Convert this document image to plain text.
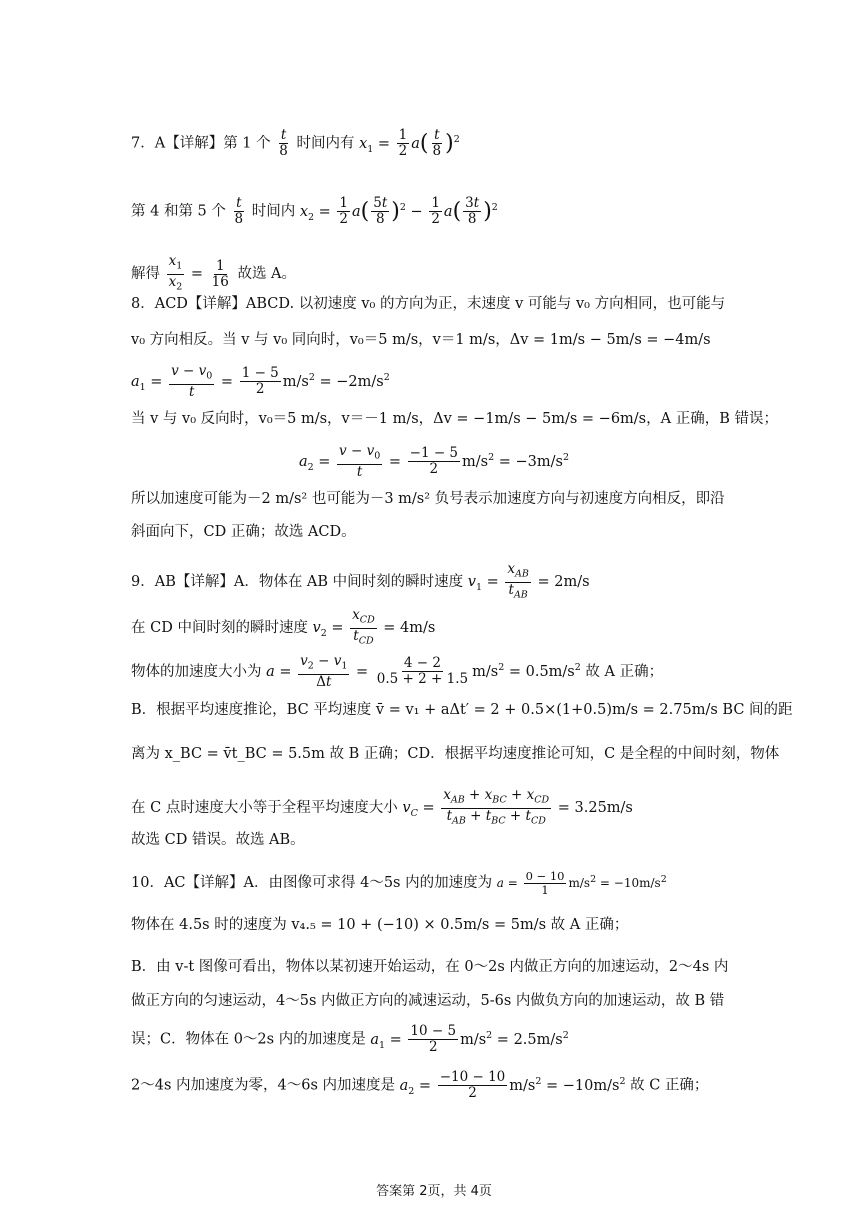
7．A【详解】第 1 个 $\frac{t}{8}$ 时间内有 $x_1 = \frac{1}{2} a( \frac{t}{8} )^2$
第 4 和第 5 个 $\frac{t}{8}$ 时间内 $x_2 = \frac{1}{2} a( \frac{5t}{8} )^2 - \frac{1}{2} a( \frac{3t}{8} )^2$
解得 $\frac{x_1}{x_2} = \frac{1}{16}$ 故选 A。
8．ACD【详解】ABCD. 以初速度 v₀ 的方向为正，末速度 v 可能与 v₀ 方向相同，也可能与
v₀ 方向相反。当 v 与 v₀ 同向时，v₀＝5 m/s，v＝1 m/s，Δv = 1m/s − 5m/s = −4m/s
$a_1 = \frac{v - v_0}{t} = \frac{1 - 5}{2} m/s^2 = -2m/s^2$
当 v 与 v₀ 反向时，v₀＝5 m/s，v＝－1 m/s，Δv = −1m/s − 5m/s = −6m/s，A 正确，B 错误；
$a_2 = \frac{v - v_0}{t} = \frac{-1 - 5}{2} m/s^2 = -3m/s^2$
所以加速度可能为－2 m/s² 也可能为－3 m/s² 负号表示加速度方向与初速度方向相反，即沿
斜面向下，CD 正确；故选 ACD。
9．AB【详解】A．物体在 AB 中间时刻的瞬时速度 $v_1 = \frac{x_{AB}}{t_{AB}} = 2m/s$
在 CD 中间时刻的瞬时速度 $v_2 = \frac{x_{CD}}{t_{CD}} = 4m/s$
物体的加速度大小为 $a = \frac{v_2 - v_1}{\Delta t} = \frac{4 - 2}{0.5 + 2 + 1.5} m/s^2 = 0.5m/s^2$ 故 A 正确；
B．根据平均速度推论，BC 平均速度 v̄ = v₁ + aΔt′ = 2 + 0.5×(1+0.5)m/s = 2.75m/s BC 间的距
离为 x_BC = v̄t_BC = 5.5m 故 B 正确；CD．根据平均速度推论可知，C 是全程的中间时刻，物体
在 C 点时速度大小等于全程平均速度大小 $v_C = \frac{x_{AB} + x_{BC} + x_{CD}}{t_{AB} + t_{BC} + t_{CD}} = 3.25m/s$
故选 CD 错误。故选 AB。
10．AC【详解】A．由图像可求得 4～5s 内的加速度为 $a = \frac{0 - 10}{1} m/s^2 = -10m/s^2$
物体在 4.5s 时的速度为 v₄.₅ = 10 + (−10) × 0.5m/s = 5m/s 故 A 正确；
B．由 v-t 图像可看出，物体以某初速开始运动，在 0～2s 内做正方向的加速运动，2～4s 内
做正方向的匀速运动，4～5s 内做正方向的减速运动，5-6s 内做负方向的加速运动，故 B 错
误；C．物体在 0～2s 内的加速度是 $a_1 = \frac{10 - 5}{2} m/s^2 = 2.5m/s^2$
2～4s 内加速度为零，4～6s 内加速度是 $a_2 = \frac{-10 - 10}{2} m/s^2 = -10m/s^2$ 故 C 正确；
答案第 2页，共 4页
